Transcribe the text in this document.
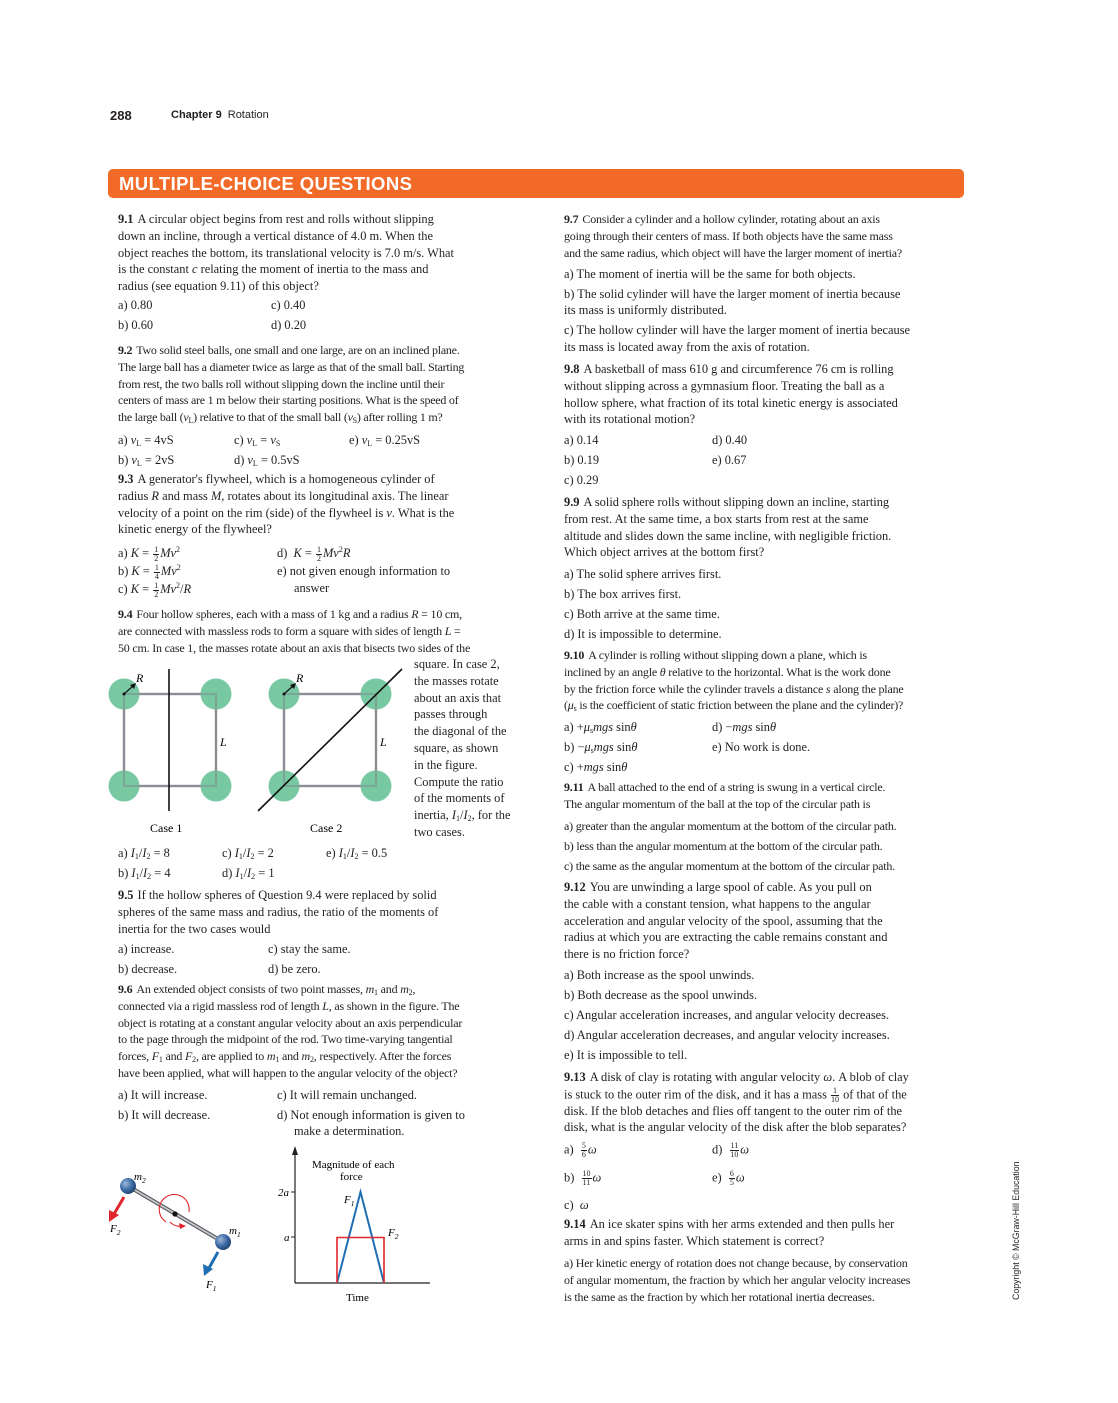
288	Chapter 9 Rotation
MULTIPLE-CHOICE QUESTIONS
9.1 A circular object begins from rest and rolls without slipping
down an incline, through a vertical distance of 4.0 m. When the
object reaches the bottom, its translational velocity is 7.0 m/s. What
is the constant c relating the moment of inertia to the mass and
radius (see equation 9.11) of this object?
a) 0.80	c) 0.40
b) 0.60	d) 0.20
9.2 Two solid steel balls, one small and one large, are on an inclined plane.
The large ball has a diameter twice as large as that of the small ball. Starting
from rest, the two balls roll without slipping down the incline until their
centers of mass are 1 m below their starting positions. What is the speed of
the large ball $(v_L)$ relative to that of the small ball $(v_S)$ after rolling 1 m?
a) $v_L = 4vS$	c) $v_L = v_S$	e) $v_L = 0.25vS$
b) $v_L = 2vS$	d) $v_L = 0.5vS$
9.3 A generator's flywheel, which is a homogeneous cylinder of
radius R and mass M, rotates about its longitudinal axis. The linear
velocity of a point on the rim (side) of the flywheel is v. What is the
kinetic energy of the flywheel?
a) $K = \frac{1}{2} Mv^2$
b) $K = \frac{1}{4} Mv^2$
c) $K = \frac{1}{2} Mv^2/R$
d)  $K = \frac{1}{2} Mv^2R$
e) not given enough information to
answer
9.4 Four hollow spheres, each with a mass of 1 kg and a radius R = 10 cm,
are connected with massless rods to form a square with sides of length L =
50 cm. In case 1, the masses rotate about an axis that bisects two sides of the
square. In case 2,
the masses rotate
about an axis that
passes through
the diagonal of the
square, as shown
in the figure.
Compute the ratio
of the moments of
inertia, $I_1/I_2$, for the
two cases.
a) $I_1/I_2 = 8$	c) $I_1/I_2 = 2$	e) $I_1/I_2 = 0.5$
b) $I_1/I_2 = 4$	d) $I_1/I_2 = 1$
9.5 If the hollow spheres of Question 9.4 were replaced by solid
spheres of the same mass and radius, the ratio of the moments of
inertia for the two cases would
a) increase.	c) stay the same.
b) decrease.	d) be zero.
9.6 An extended object consists of two point masses, $m_1$ and $m_2$,
connected via a rigid massless rod of length L, as shown in the figure. The
object is rotating at a constant angular velocity about an axis perpendicular
to the page through the midpoint of the rod. Two time-varying tangential
forces, $F_1$ and $F_2$, are applied to $m_1$ and $m_2$, respectively. After the forces
have been applied, what will happen to the angular velocity of the object?
a) It will increase.	c) It will remain unchanged.
b) It will decrease.	d) Not enough information is given to
make a determination.
9.7 Consider a cylinder and a hollow cylinder, rotating about an axis
going through their centers of mass. If both objects have the same mass
and the same radius, which object will have the larger moment of inertia?
a) The moment of inertia will be the same for both objects.
b) The solid cylinder will have the larger moment of inertia because
its mass is uniformly distributed.
c) The hollow cylinder will have the larger moment of inertia because
its mass is located away from the axis of rotation.
9.8 A basketball of mass 610 g and circumference 76 cm is rolling
without slipping across a gymnasium floor. Treating the ball as a
hollow sphere, what fraction of its total kinetic energy is associated
with its rotational motion?
a) 0.14	d) 0.40
b) 0.19	e) 0.67
c) 0.29
9.9 A solid sphere rolls without slipping down an incline, starting
from rest. At the same time, a box starts from rest at the same
altitude and slides down the same incline, with negligible friction.
Which object arrives at the bottom first?
a) The solid sphere arrives first.
b) The box arrives first.
c) Both arrive at the same time.
d) It is impossible to determine.
9.10 A cylinder is rolling without slipping down a plane, which is
inclined by an angle θ relative to the horizontal. What is the work done
by the friction force while the cylinder travels a distance s along the plane
($\mu_s$ is the coefficient of static friction between the plane and the cylinder)?
$a) +\mu_smgs$ sinθ
$b) -\mu_smgs$ sinθ
c) +mgs sinθ
d) −mgs sinθ
e) No work is done.
9.11 A ball attached to the end of a string is swung in a vertical circle.
The angular momentum of the ball at the top of the circular path is
a) greater than the angular momentum at the bottom of the circular path.
b) less than the angular momentum at the bottom of the circular path.
c) the same as the angular momentum at the bottom of the circular path.
9.12 You are unwinding a large spool of cable. As you pull on
the cable with a constant tension, what happens to the angular
acceleration and angular velocity of the spool, assuming that the
radius at which you are extracting the cable remains constant and
there is no friction force?
a) Both increase as the spool unwinds.
b) Both decrease as the spool unwinds.
c) Angular acceleration increases, and angular velocity decreases.
d) Angular acceleration decreases, and angular velocity increases.
e) It is impossible to tell.
9.13 A disk of clay is rotating with angular velocity ω. A blob of clay
is stuck to the outer rim of the disk, and it has a mass $\frac{1}{10}$ of that of the
disk. If the blob detaches and flies off tangent to the outer rim of the
disk, what is the angular velocity of the disk after the blob separates?
$a) \frac{5}{6}$ ω
$b) \frac{10}{11}$ ω
c)  ω
$d) \frac{11}{10}$ ω
$e) \frac{6}{5}$ ω
9.14 An ice skater spins with her arms extended and then pulls her
arms in and spins faster. Which statement is correct?
a) Her kinetic energy of rotation does not change because, by conservation
of angular momentum, the fraction by which her angular velocity increases
is the same as the fraction by which her rotational inertia decreases.
R	R
L	L
Case 1	Case 2
$m_2$
$m_1$
$F_2$
$F_1$
2a
a
Magnitude of each
force
Time
$F_1$
$F_2$	Copyright © McGraw-Hill Education
